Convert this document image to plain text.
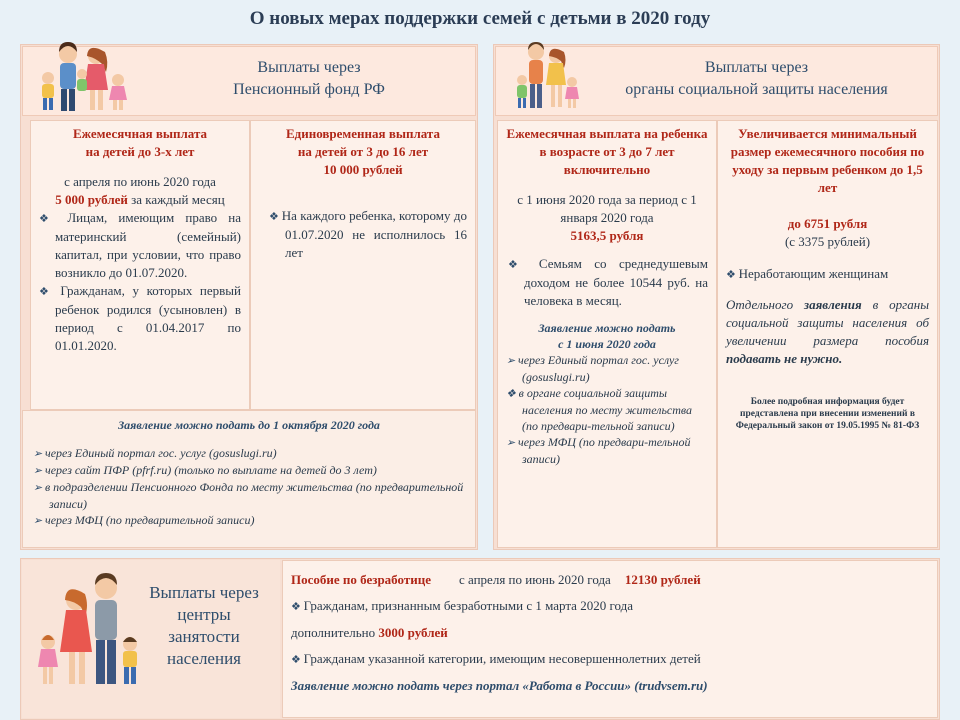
О новых мерах поддержки семей с детьми в 2020 году
Выплаты через
Пенсионный фонд РФ

Ежемесячная выплата

на детей до 3-х лет

с апреля по июнь 2020 года

5 000 рублей за каждый месяц

❖ Лицам, имеющим право на материнский (семейный) капитал, при условии, что право возникло до 01.07.2020.

❖ Гражданам, у которых первый ребенок родился (усыновлен) в период с 01.04.2017 по 01.01.2020.

Единовременная выплата

на детей от 3 до 16 лет

10 000 рублей

❖ На каждого ребенка, которому до 01.07.2020 не исполнилось 16 лет

Заявление можно подать до 1 октября 2020 года

➢ через Единый портал гос. услуг (gosuslugi.ru)

➢ через сайт ПФР (pfrf.ru) (только по выплате на детей до 3 лет)

➢ в подразделении Пенсионного Фонда по месту жительства (по предварительной записи)

➢ через МФЦ (по предварительной записи)

Выплаты через
органы социальной защиты населения

Ежемесячная выплата на ребенка в возрасте от 3 до 7 лет включительно

с 1 июня 2020 года за период с 1 января 2020 года

5163,5 рубля

❖ Семьям со среднедушевым доходом не более 10544 руб. на человека в месяц.

Заявление можно подать

с 1 июня 2020 года

➢ через Единый портал гос. услуг (gosuslugi.ru)

❖ в органе социальной защиты населения по месту жительства (по предвари-тельной записи)

➢ через МФЦ (по предвари-тельной записи)

Увеличивается минимальный размер ежемесячного пособия по уходу за первым ребенком до 1,5 лет

до 6751 рубля

(с 3375 рублей)

❖ Неработающим женщинам

Отдельного заявления в органы социальной защиты населения об увеличении размера пособия подавать не нужно.

Более подробная информация будет представлена при внесении изменений в Федеральный закон от 19.05.1995 № 81-ФЗ

Выплаты через
центры
занятости
населения

Пособие по безработице с апреля по июнь 2020 года 12130 рублей

❖ Гражданам, признанным безработными с 1 марта 2020 года

дополнительно 3000 рублей

❖ Гражданам указанной категории, имеющим несовершеннолетних детей

Заявление можно подать через портал «Работа в России» (trudvsem.ru)
